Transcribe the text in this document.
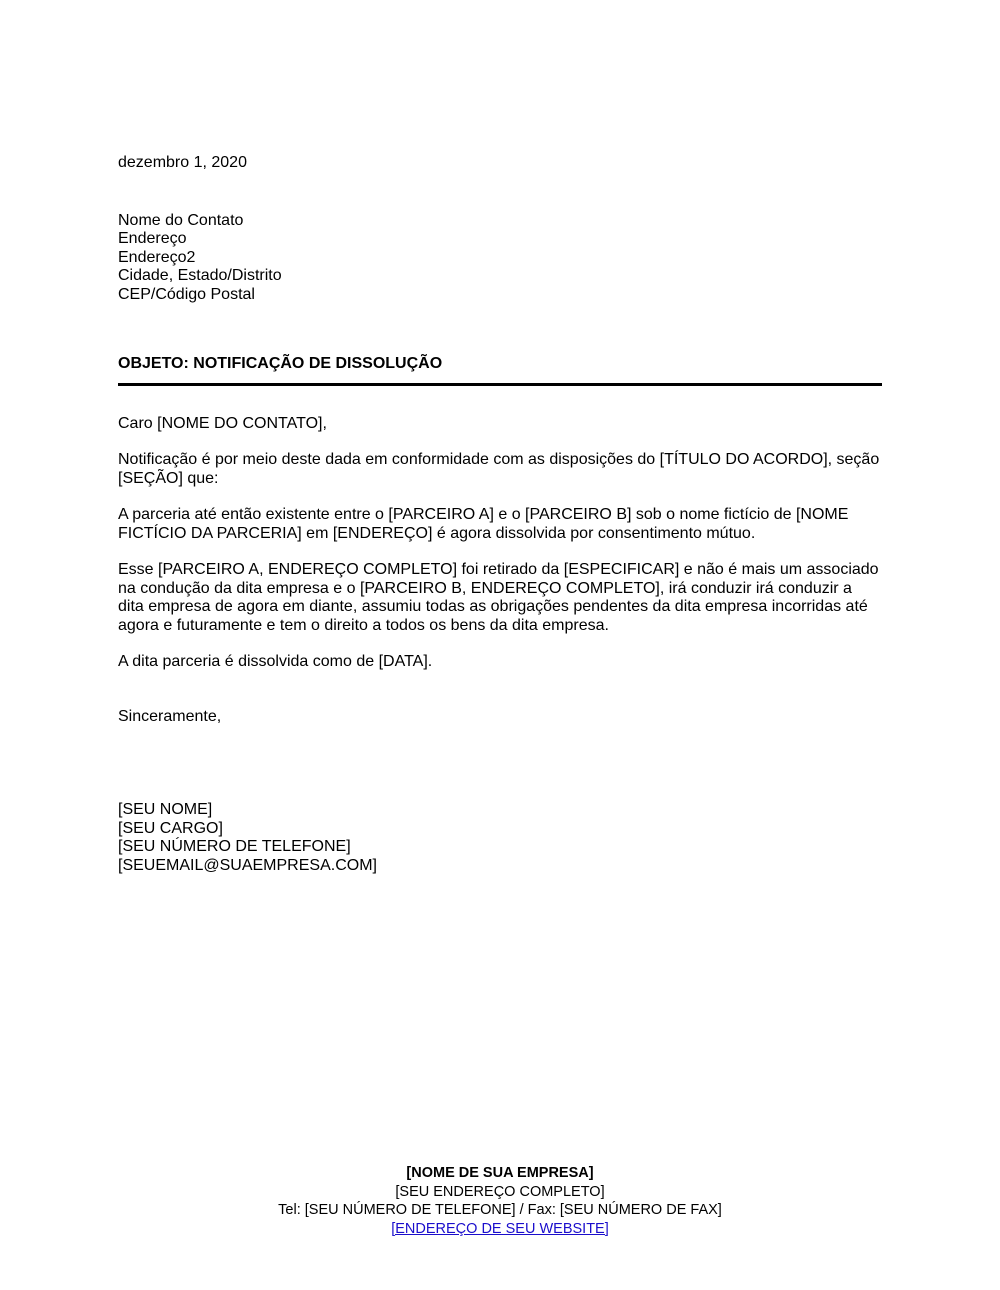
dezembro 1, 2020
Nome do Contato
Endereço
Endereço2
Cidade, Estado/Distrito
CEP/Código Postal
OBJETO: NOTIFICAÇÃO DE DISSOLUÇÃO
Caro [NOME DO CONTATO],
Notificação é por meio deste dada em conformidade com as disposições do [TÍTULO DO ACORDO], seção [SEÇÃO] que:
A parceria até então existente entre o [PARCEIRO A] e o [PARCEIRO B] sob o nome fictício de [NOME FICTÍCIO DA PARCERIA] em [ENDEREÇO] é agora dissolvida por consentimento mútuo.
Esse [PARCEIRO A, ENDEREÇO COMPLETO] foi retirado da [ESPECIFICAR] e não é mais um associado na condução da dita empresa e o [PARCEIRO B, ENDEREÇO COMPLETO], irá conduzir irá conduzir a dita empresa de agora em diante, assumiu todas as obrigações pendentes da dita empresa incorridas até agora e futuramente e tem o direito a todos os bens da dita empresa.
A dita parceria é dissolvida como de [DATA].
Sinceramente,
[SEU NOME]
[SEU CARGO]
[SEU NÚMERO DE TELEFONE]
[SEUEMAIL@SUAEMPRESA.COM]
[NOME DE SUA EMPRESA]
[SEU ENDEREÇO COMPLETO]
Tel: [SEU NÚMERO DE TELEFONE] / Fax: [SEU NÚMERO DE FAX]
[ENDEREÇO DE SEU WEBSITE]
